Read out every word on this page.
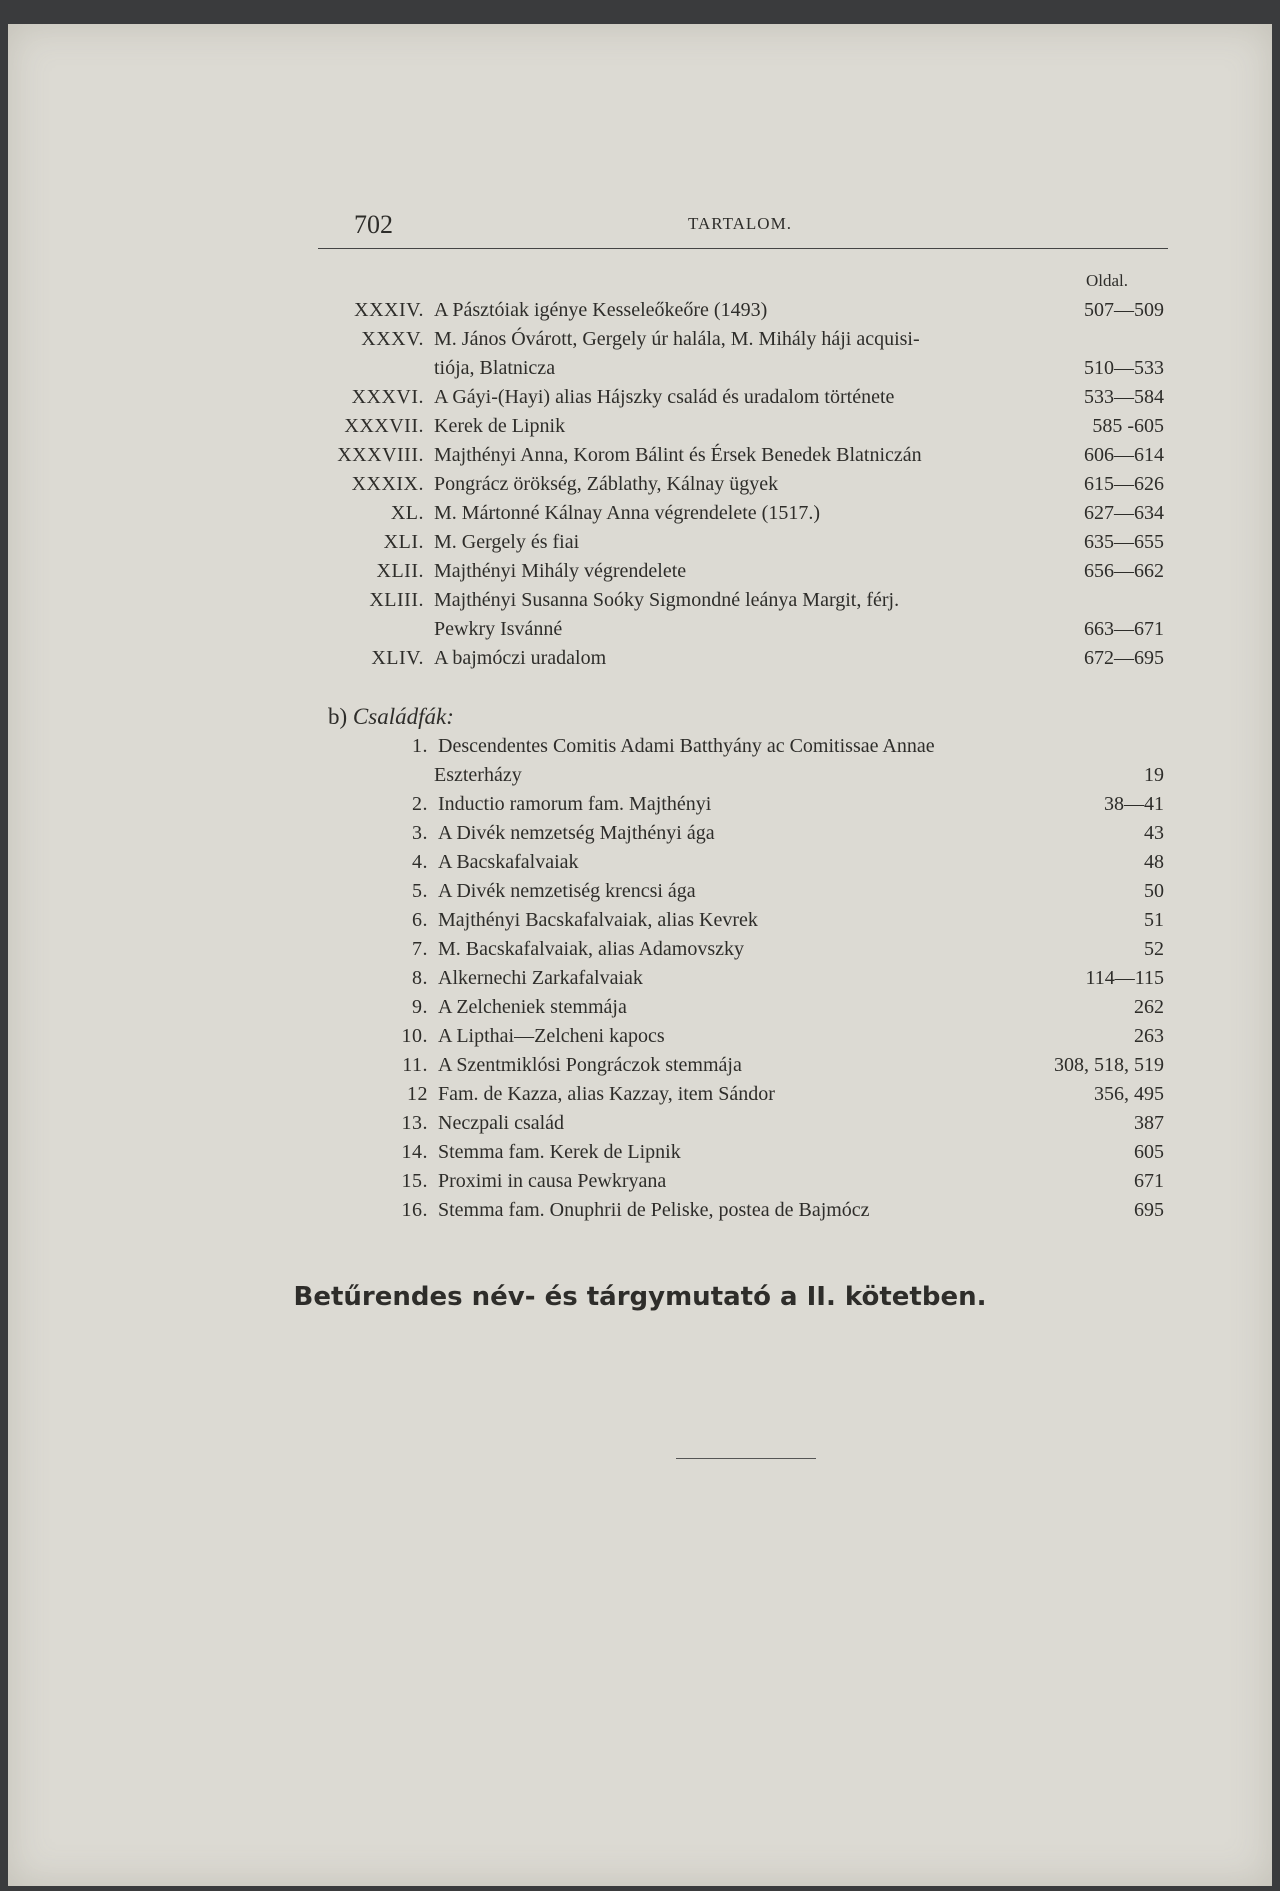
702	TARTALOM.
Oldal.
XXXIV. A Pásztóiak igénye Kesseleőkeőre (1493)	507—509
XXXV. M. János Óvárott, Gergely úr halála, M. Mihály háji acquisi-
tiója, Blatnicza	510—533
XXXVI. A Gáyi-(Hayi) alias Hájszky család és uradalom története	533—584
XXXVII. Kerek de Lipnik	585 -605
XXXVIII. Majthényi Anna, Korom Bálint és Érsek Benedek Blatniczán	606—614
XXXIX. Pongrácz örökség, Záblathy, Kálnay ügyek	615—626
XL. M. Mártonné Kálnay Anna végrendelete (1517.)	627—634
XLI. M. Gergely és fiai	635—655
XLII. Majthényi Mihály végrendelete	656—662
XLIII. Majthényi Susanna Soóky Sigmondné leánya Margit, férj.
Pewkry Isvánné	663—671
XLIV. A bajmóczi uradalom	672—695
b) Családfák:
1. Descendentes Comitis Adami Batthyány ac Comitissae Annae
Eszterházy	19
2. Inductio ramorum fam. Majthényi	38—41
3. A Divék nemzetség Majthényi ága	43
4. A Bacskafalvaiak	48
5. A Divék nemzetiség krencsi ága	50
6. Majthényi Bacskafalvaiak, alias Kevrek	51
7. M. Bacskafalvaiak, alias Adamovszky	52
8. Alkernechi Zarkafalvaiak	114—115
9. A Zelcheniek stemmája	262
10. A Lipthai—Zelcheni kapocs	263
11. A Szentmiklósi Pongráczok stemmája	308, 518, 519
12 Fam. de Kazza, alias Kazzay, item Sándor	356, 495
13. Neczpali család	387
14. Stemma fam. Kerek de Lipnik	605
15. Proximi in causa Pewkryana	671
16. Stemma fam. Onuphrii de Peliske, postea de Bajmócz	695
Betűrendes név- és tárgymutató a II. kötetben.
